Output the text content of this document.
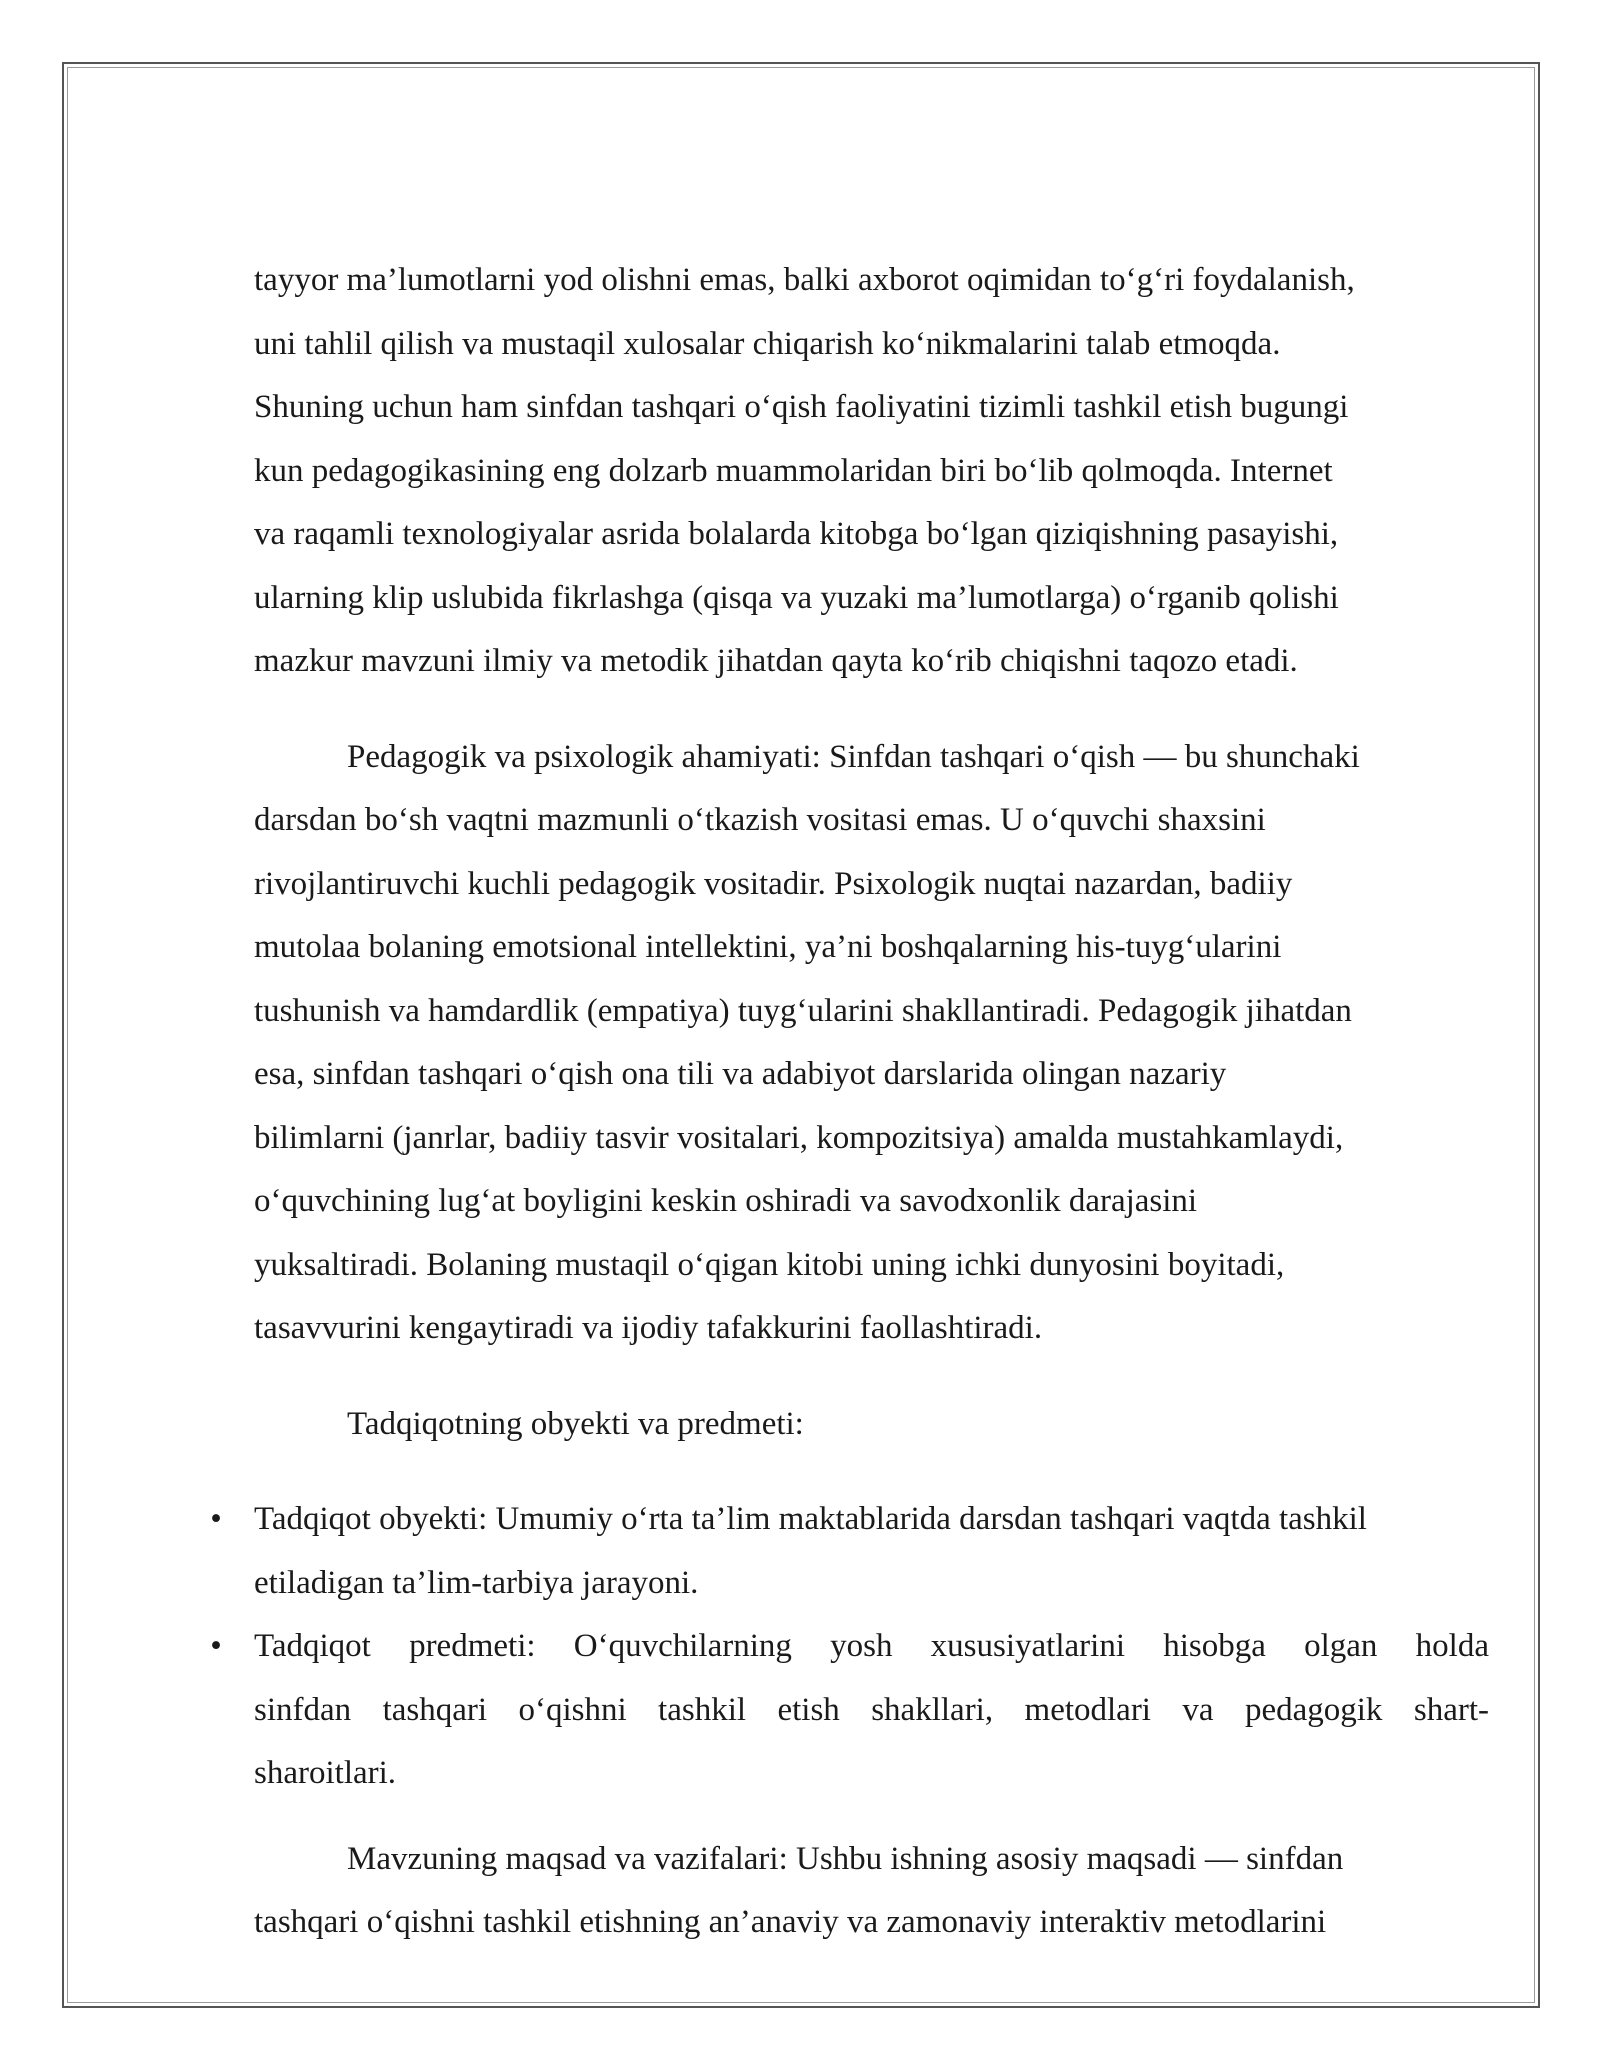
tayyor ma’lumotlarni yod olishni emas, balki axborot oqimidan to‘g‘ri foydalanish,
uni tahlil qilish va mustaqil xulosalar chiqarish ko‘nikmalarini talab etmoqda.
Shuning uchun ham sinfdan tashqari o‘qish faoliyatini tizimli tashkil etish bugungi
kun pedagogikasining eng dolzarb muammolaridan biri bo‘lib qolmoqda. Internet
va raqamli texnologiyalar asrida bolalarda kitobga bo‘lgan qiziqishning pasayishi,
ularning klip uslubida fikrlashga (qisqa va yuzaki ma’lumotlarga) o‘rganib qolishi
mazkur mavzuni ilmiy va metodik jihatdan qayta ko‘rib chiqishni taqozo etadi.
Pedagogik va psixologik ahamiyati: Sinfdan tashqari o‘qish — bu shunchaki
darsdan bo‘sh vaqtni mazmunli o‘tkazish vositasi emas. U o‘quvchi shaxsini
rivojlantiruvchi kuchli pedagogik vositadir. Psixologik nuqtai nazardan, badiiy
mutolaa bolaning emotsional intellektini, ya’ni boshqalarning his-tuyg‘ularini
tushunish va hamdardlik (empatiya) tuyg‘ularini shakllantiradi. Pedagogik jihatdan
esa, sinfdan tashqari o‘qish ona tili va adabiyot darslarida olingan nazariy
bilimlarni (janrlar, badiiy tasvir vositalari, kompozitsiya) amalda mustahkamlaydi,
o‘quvchining lug‘at boyligini keskin oshiradi va savodxonlik darajasini
yuksaltiradi. Bolaning mustaqil o‘qigan kitobi uning ichki dunyosini boyitadi,
tasavvurini kengaytiradi va ijodiy tafakkurini faollashtiradi.
Tadqiqotning obyekti va predmeti:
• Tadqiqot obyekti: Umumiy o‘rta ta’lim maktablarida darsdan tashqari vaqtda tashkil
etiladigan ta’lim-tarbiya jarayoni.
• Tadqiqot predmeti: O‘quvchilarning yosh xususiyatlarini hisobga olgan holda
sinfdan tashqari o‘qishni tashkil etish shakllari, metodlari va pedagogik shart-
sharoitlari.
Mavzuning maqsad va vazifalari: Ushbu ishning asosiy maqsadi — sinfdan
tashqari o‘qishni tashkil etishning an’anaviy va zamonaviy interaktiv metodlarini
